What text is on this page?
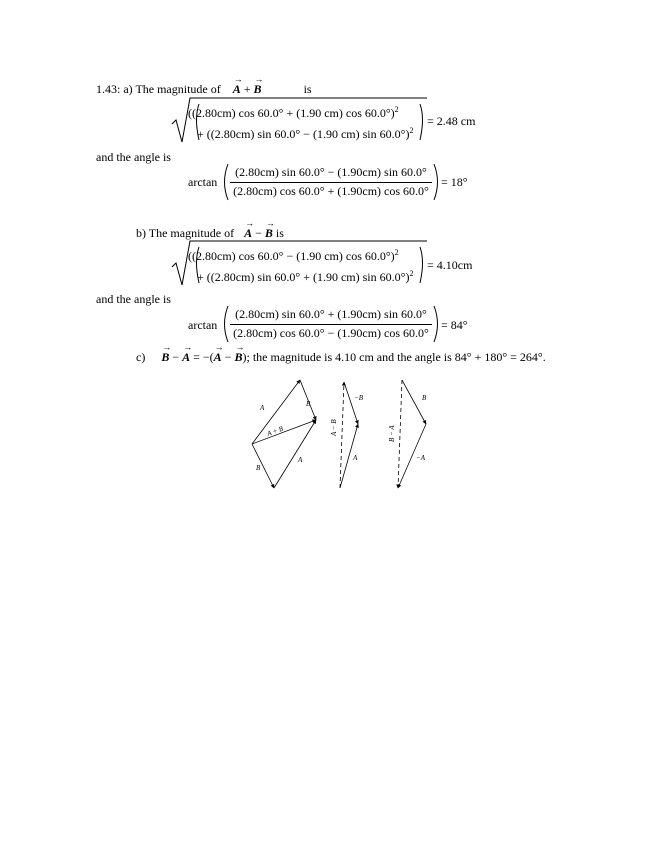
1.43: a) The magnitude of → A + → B	is
((2.80cm) cos 60.0° + (1.90 cm) cos 60.0°)$^2$
+ ((2.80cm) sin 60.0° − (1.90 cm) sin 60.0°)$^2$
= 2.48 cm
and the angle is
arctan
(2.80cm) sin 60.0° − (1.90cm) sin 60.0°
(2.80cm) cos 60.0° + (1.90cm) cos 60.0°
= 18°
b) The magnitude of → A − → B is
((2.80cm) cos 60.0° − (1.90 cm) cos 60.0°)$^2$
+ ((2.80cm) sin 60.0° + (1.90 cm) sin 60.0°)$^2$
= 4.10cm
and the angle is
arctan
(2.80cm) sin 60.0° + (1.90cm) sin 60.0°
(2.80cm) cos 60.0° − (1.90cm) cos 60.0°
= 84°
c) → B − → A = −(→ A − → B); the magnitude is 4.10 cm and the angle is 84° + 180° = 264°.
A	B
A + B
B
A
−B
A
A − B
B
−A
B − A
